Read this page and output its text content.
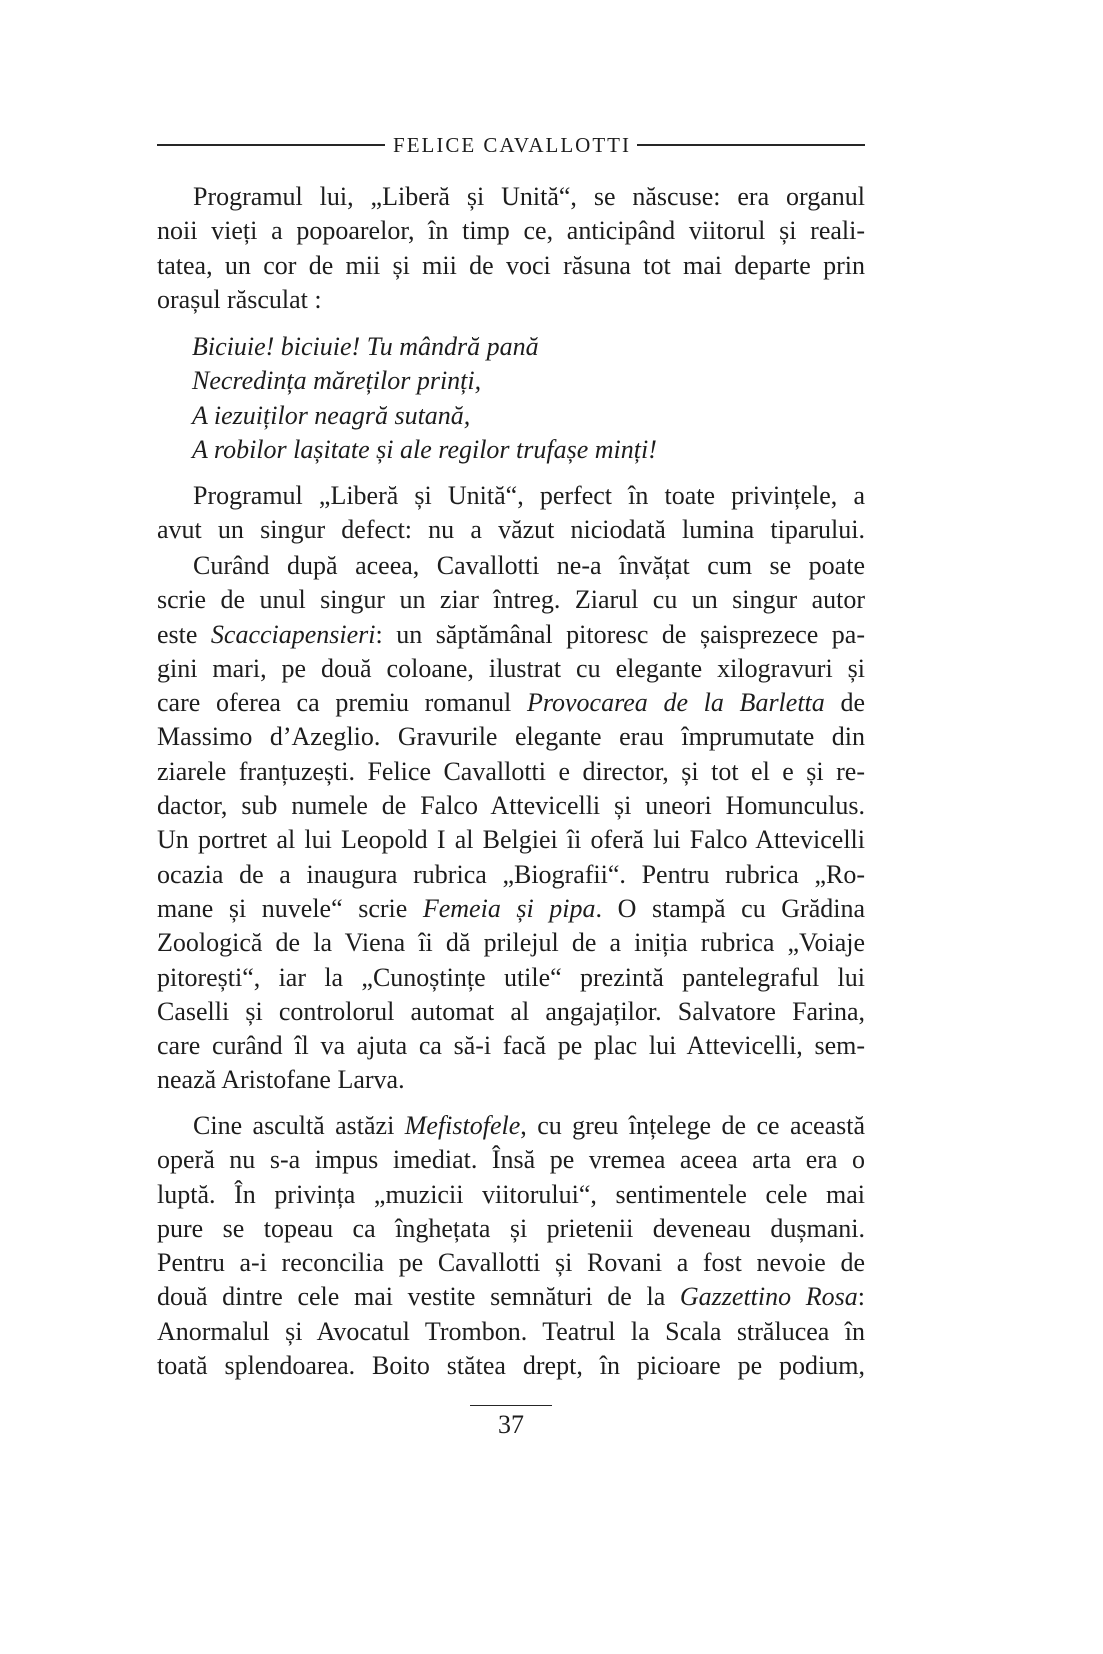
FELICE CAVALLOTTI
Programul lui, „Liberă și Unită“, se născuse: era organul
noii vieți a popoarelor, în timp ce, anticipând viitorul și reali-
tatea, un cor de mii și mii de voci răsuna tot mai departe prin
orașul răsculat :
Biciuie! biciuie! Tu mândră pană
Necredința măreților prinți,
A iezuiților neagră sutană,
A robilor lașitate și ale regilor trufașe minți!
Programul „Liberă și Unită“, perfect în toate privințele, a
avut un singur defect: nu a văzut niciodată lumina tiparului.
Curând după aceea, Cavallotti ne-a învățat cum se poate
scrie de unul singur un ziar întreg. Ziarul cu un singur autor
este Scacciapensieri: un săptămânal pitoresc de șaisprezece pa-
gini mari, pe două coloane, ilustrat cu elegante xilogravuri și
care oferea ca premiu romanul Provocarea de la Barletta de
Massimo d’Azeglio. Gravurile elegante erau împrumutate din
ziarele franțuzești. Felice Cavallotti e director, și tot el e și re-
dactor, sub numele de Falco Attevicelli și uneori Homunculus.
Un portret al lui Leopold I al Belgiei îi oferă lui Falco Attevicelli
ocazia de a inaugura rubrica „Biografii“. Pentru rubrica „Ro-
mane și nuvele“ scrie Femeia și pipa. O stampă cu Grădina
Zoologică de la Viena îi dă prilejul de a iniția rubrica „Voiaje
pitorești“, iar la „Cunoștințe utile“ prezintă pantelegraful lui
Caselli și controlorul automat al angajaților. Salvatore Farina,
care curând îl va ajuta ca să-i facă pe plac lui Attevicelli, sem-
nează Aristofane Larva.
Cine ascultă astăzi Mefistofele, cu greu înțelege de ce această
operă nu s-a impus imediat. Însă pe vremea aceea arta era o
luptă. În privința „muzicii viitorului“, sentimentele cele mai
pure se topeau ca înghețata și prietenii deveneau dușmani.
Pentru a-i reconcilia pe Cavallotti și Rovani a fost nevoie de
două dintre cele mai vestite semnături de la Gazzettino Rosa:
Anormalul și Avocatul Trombon. Teatrul la Scala strălucea în
toată splendoarea. Boito stătea drept, în picioare pe podium,
37
